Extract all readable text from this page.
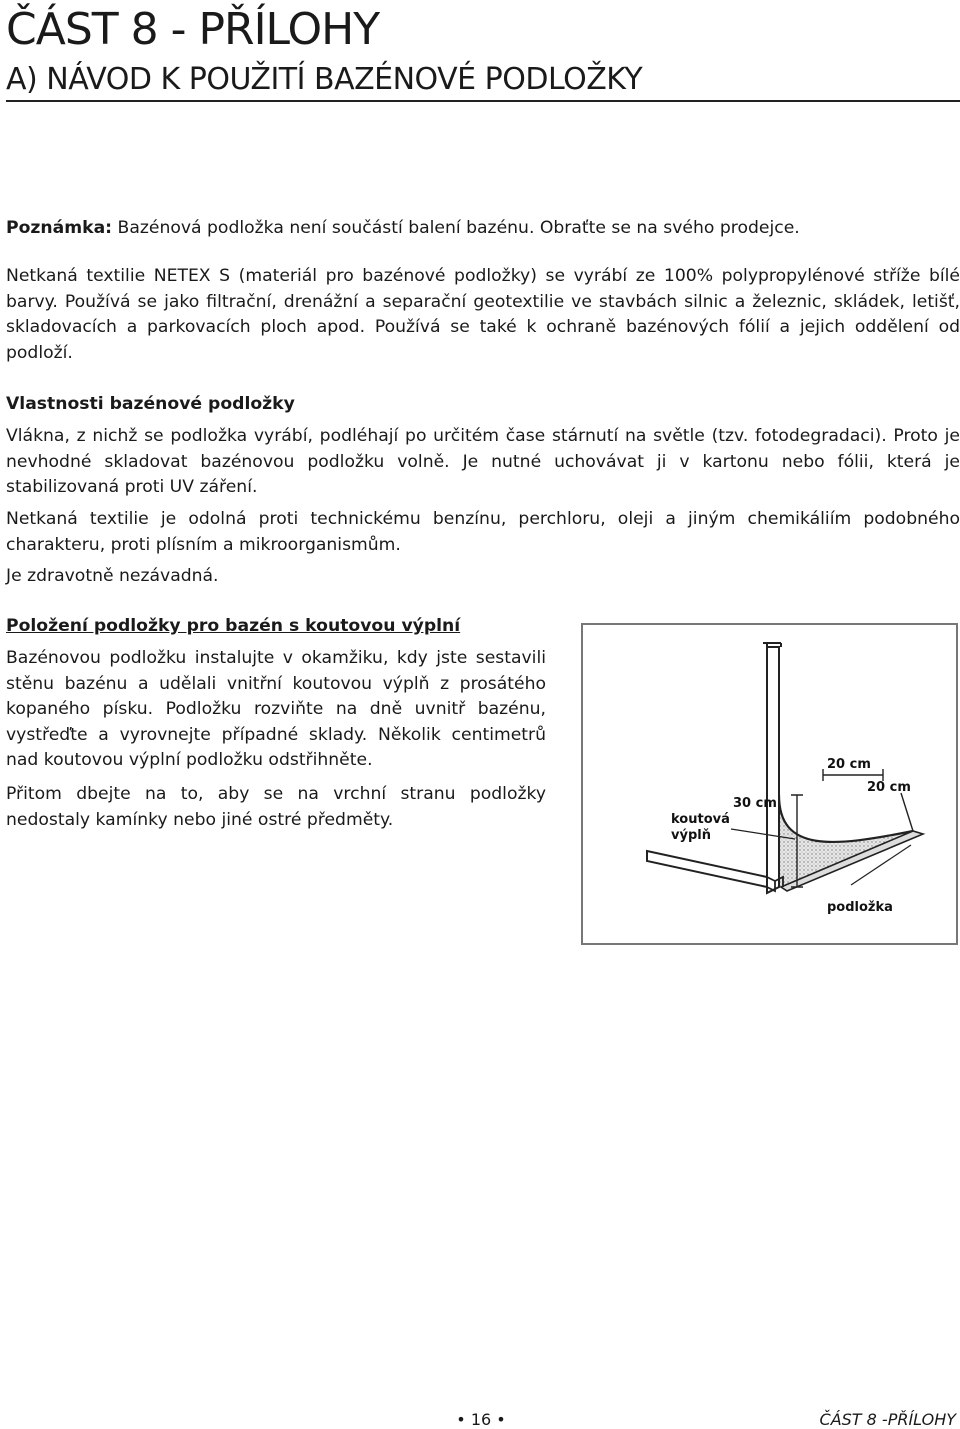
ČÁST 8 - PŘÍLOHY
A) NÁVOD K POUŽITÍ BAZÉNOVÉ PODLOŽKY

Poznámka: Bazénová podložka není součástí balení bazénu. Obraťte se na svého prodejce.

Netkaná textilie NETEX S (materiál pro bazénové podložky) se vyrábí ze 100% polypropylénové stříže bílé barvy. Používá se jako filtrační, drenážní a separační geotextilie ve stavbách silnic a železnic, skládek, letišť, skladovacích a parkovacích ploch apod. Používá se také k ochraně bazénových fólií a jejich oddělení od podloží.

Vlastnosti bazénové podložky

Vlákna, z nichž se podložka vyrábí, podléhají po určitém čase stárnutí na světle (tzv. fotodegradaci). Proto je nevhodné skladovat bazénovou podložku volně. Je nutné uchovávat ji v kartonu nebo fólii, která je stabilizovaná proti UV záření.

Netkaná textilie je odolná proti technickému benzínu, perchloru, oleji a jiným chemikáliím podobného charakteru, proti plísním a mikroorganismům.

Je zdravotně nezávadná.

Položení podložky pro bazén s koutovou výplní

Bazénovou podložku instalujte v okamžiku, kdy jste sestavili stěnu bazénu a udělali vnitřní koutovou výplň z prosátého kopaného písku. Podložku rozviňte na dně uvnitř bazénu, vystřeďte a vyrovnejte případné sklady. Několik centimetrů nad koutovou výplní podložku odstřihněte.

Přitom dbejte na to, aby se na vrchní stranu podložky nedostaly kamínky nebo jiné ostré předměty.

20 cm
20 cm
30 cm
koutová
výplň
podložka
• 16 •	ČÁST 8 -PŘÍLOHY
